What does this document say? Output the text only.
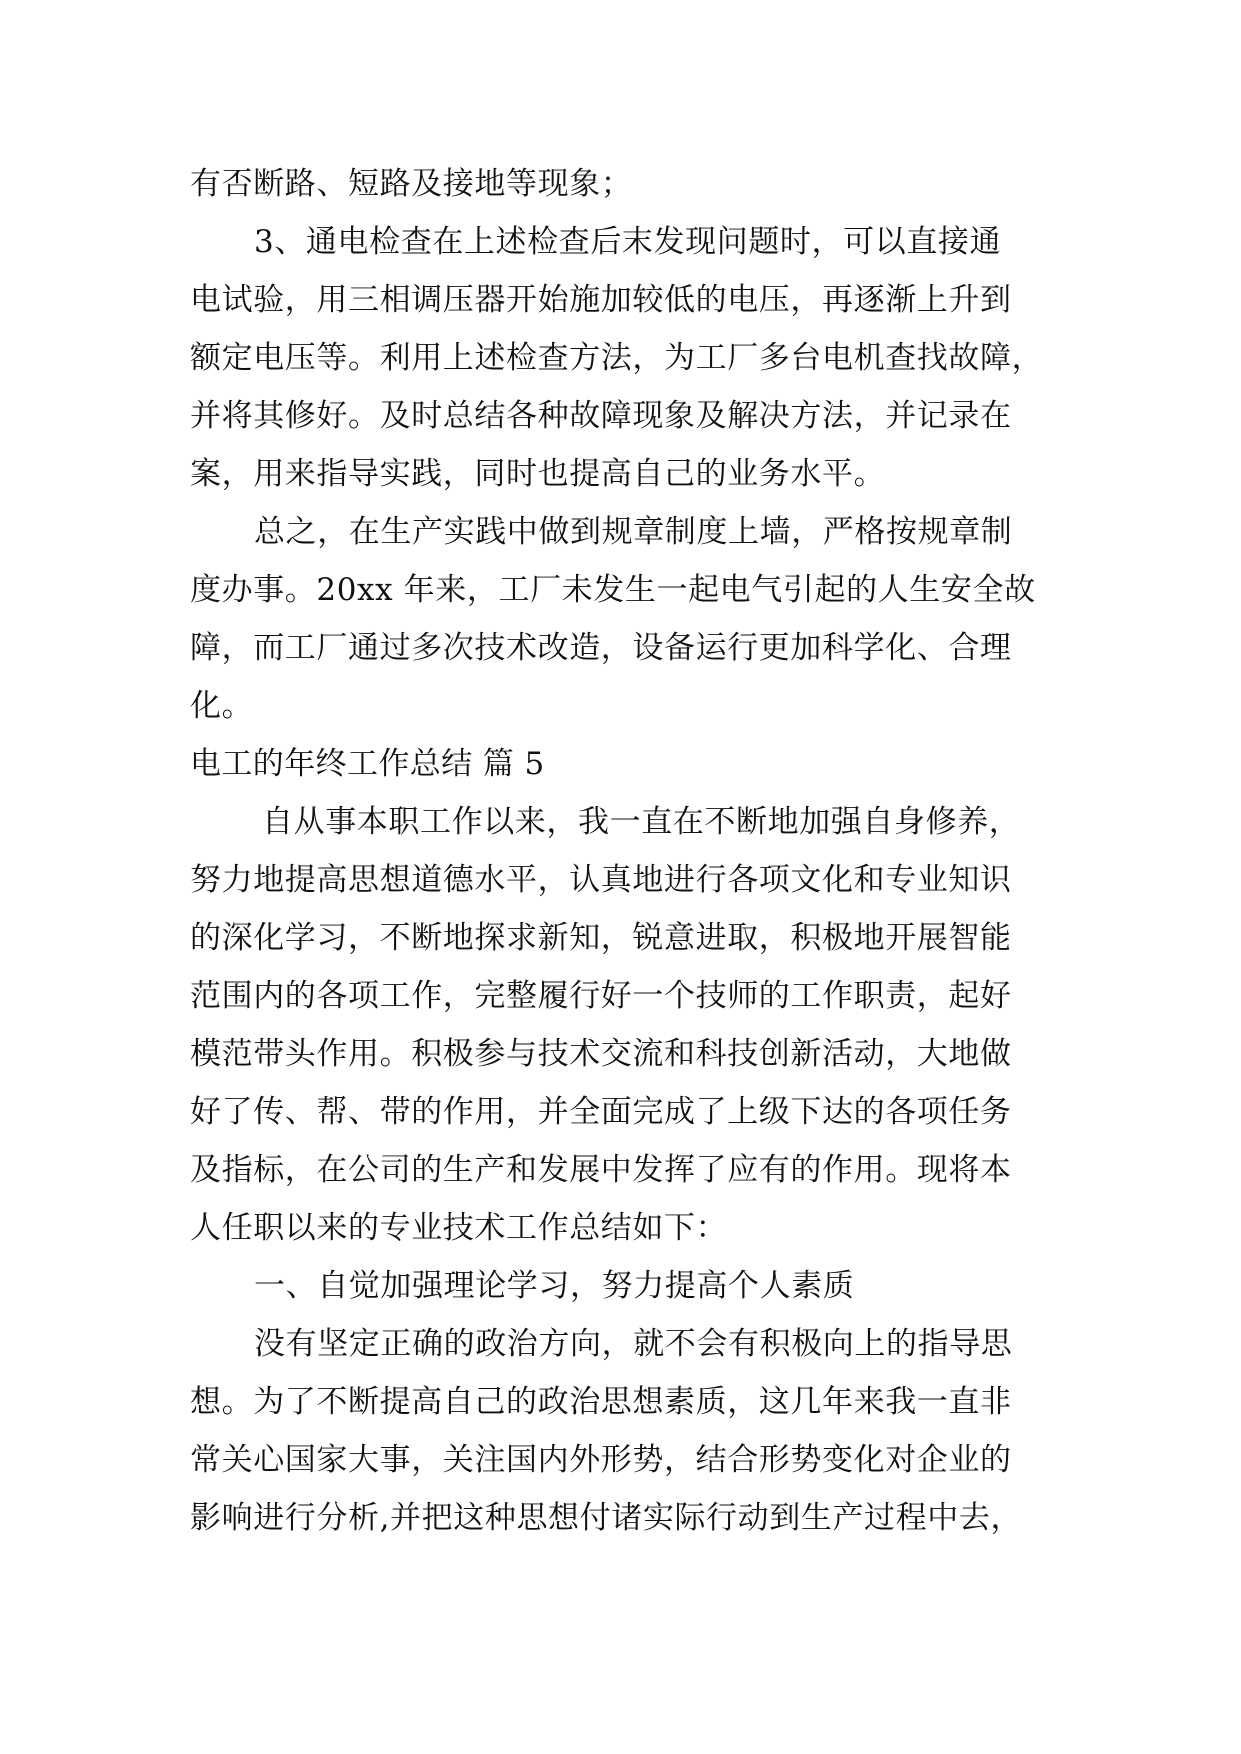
有否断路、短路及接地等现象；
3、通电检查在上述检查后末发现问题时，可以直接通
电试验，用三相调压器开始施加较低的电压，再逐渐上升到
额定电压等。利用上述检查方法，为工厂多台电机查找故障，
并将其修好。及时总结各种故障现象及解决方法，并记录在
案，用来指导实践，同时也提高自己的业务水平。
总之，在生产实践中做到规章制度上墙，严格按规章制
度办事。20xx 年来，工厂未发生一起电气引起的人生安全故
障，而工厂通过多次技术改造，设备运行更加科学化、合理
化。
电工的年终工作总结 篇 5
自从事本职工作以来，我一直在不断地加强自身修养，
努力地提高思想道德水平，认真地进行各项文化和专业知识
的深化学习，不断地探求新知，锐意进取，积极地开展智能
范围内的各项工作，完整履行好一个技师的工作职责，起好
模范带头作用。积极参与技术交流和科技创新活动，大地做
好了传、帮、带的作用，并全面完成了上级下达的各项任务
及指标，在公司的生产和发展中发挥了应有的作用。现将本
人任职以来的专业技术工作总结如下：
一、自觉加强理论学习，努力提高个人素质
没有坚定正确的政治方向，就不会有积极向上的指导思
想。为了不断提高自己的政治思想素质，这几年来我一直非
常关心国家大事，关注国内外形势，结合形势变化对企业的
影响进行分析,并把这种思想付诸实际行动到生产过程中去，
